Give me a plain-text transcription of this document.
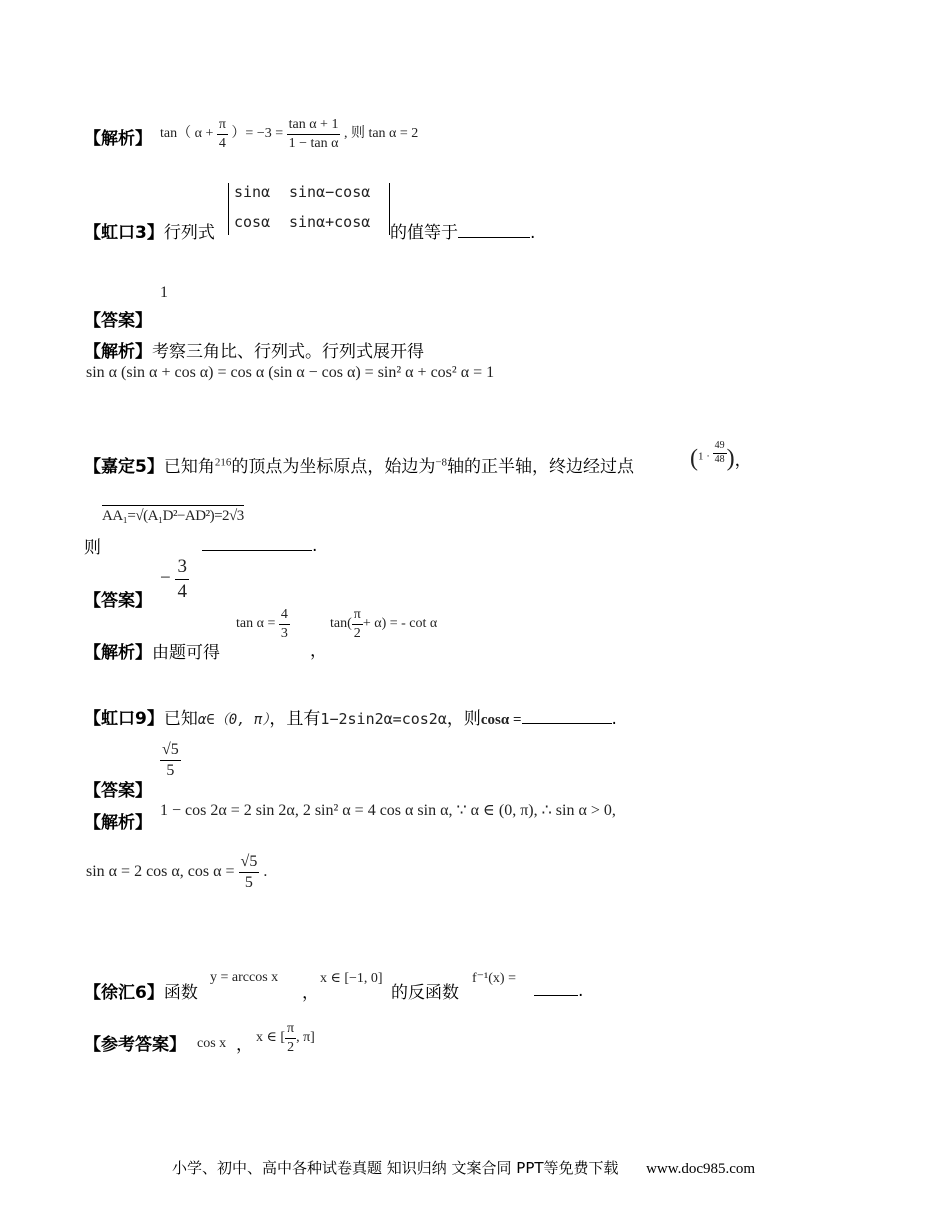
【解析】 tan（ $\alpha + \frac{\pi}{4}$ ）= $-3 = \frac{\text{tan α + 1}}{\text{1 − tan α}}$ , 则 tan α = 2
【虹口3】行列式
sinα sinα−cosα
cosα sinα+cosα
的值等于	.
1
【答案】
【解析】考察三角比、行列式。行列式展开得
sin α (sin α + cos α) = cos α (sin α − cos α) = sin² α + cos² α = 1
【嘉定5】已知角$^{216}$的顶点为坐标原点，始边为$^{-8}$轴的正半轴，终边经过点 ($^1$ $^\cdot \frac{49}{48}$ )，
则
AA₁=√(A₁D²−AD²)=2√3
.
− $\frac{3}{4}$
【答案】
【解析】由题可得
$\tan \alpha = \frac{4}{3}$
，
$\tan( \frac{\pi}{2} + \alpha)$ = - cot α
【虹口9】已知α∈（0, π），且有1−2sin2α=cos2α，则cosα =	.
$\frac{√5}{5}$
【答案】
【解析】
1 − cos 2α = 2 sin 2α, 2 sin² α = 4 cos α sin α, ∵ α ∈ (0, π), ∴ sin α > 0,
sin α = 2 cos α, $\cos \alpha = \frac{√5}{5}$ .
【徐汇6】函数
y = arccos x
，
x ∈ [−1, 0]
的反函数
f⁻¹(x) =
.
【参考答案】 cos x ， x ∈ [ $\frac{\pi}{2}$ , π]
小学、初中、高中各种试卷真题 知识归纳 文案合同 PPT等免费下载 www.doc985.com
